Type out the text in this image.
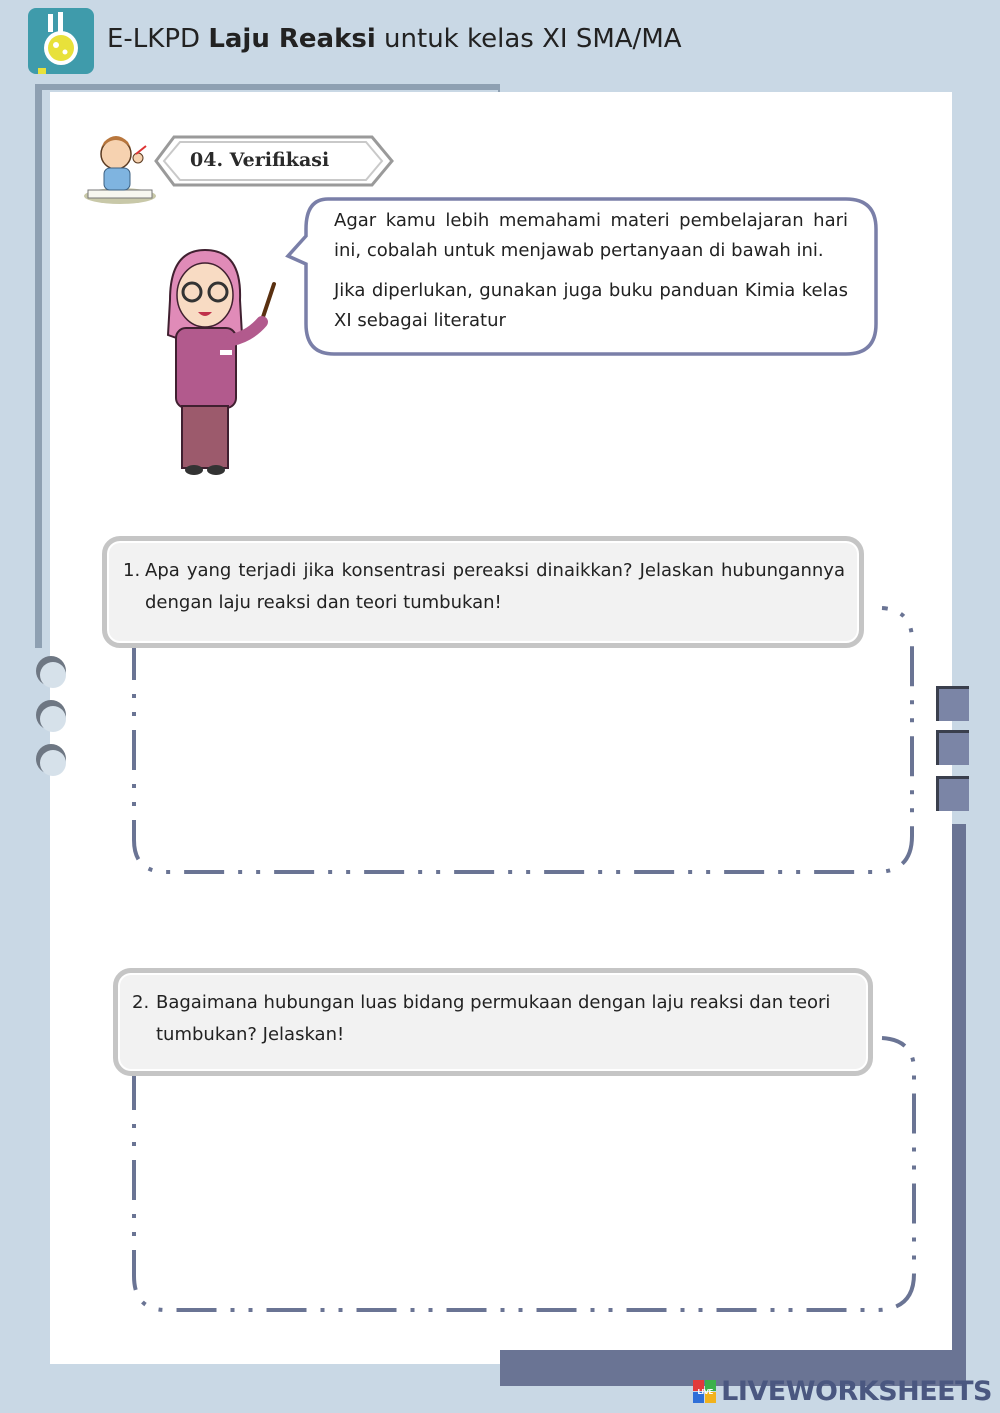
E-LKPD Laju Reaksi untuk kelas XI SMA/MA
04. Verifikasi
Agar kamu lebih memahami materi pembelajaran hari ini, cobalah untuk menjawab pertanyaan di bawah ini.
Jika diperlukan, gunakan juga buku panduan Kimia kelas XI sebagai literatur
1. Apa yang terjadi jika konsentrasi pereaksi dinaikkan? Jelaskan hubungannya dengan laju reaksi dan teori tumbukan!
2. Bagaimana hubungan luas bidang permukaan dengan laju reaksi dan teori tumbukan? Jelaskan!
LIVE LIVEWORKSHEETS
